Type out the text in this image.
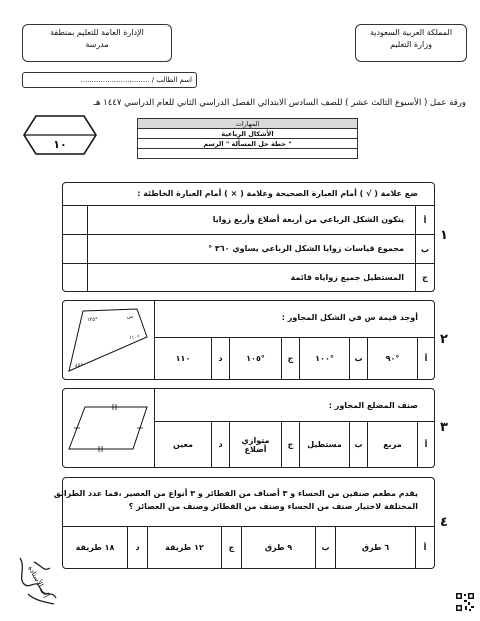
المملكة العربية السعودية
وزارة التعليم
الإدارة العامة للتعليم بمنطقة
مدرسة
اسم الطالب / ...............................
ورقة عمل ( الأسبوع الثالث عشر ) للصف السادس الابتدائي الفصل الدراسي الثاني للعام الدراسي ١٤٤٧ هـ
١٠
المهارات
الأشكال الرباعية
خطة حل المسألة " الرسم "

ضع علامة ( √ ) أمام العبارة الصحيحة وعلامة ( × ) أمام العبارة الخاطئة :
يتكون الشكل الرباعي من أربعة أضلاع وأربع زوايا	أ
مجموع قياسات زوايا الشكل الرباعي يساوي ٣٦٠ °	ب
المستطيل جميع زواياه قائمة	ج
١
١٢٥°	س
١١٠°
٤٥°
أوجد قيمة س في الشكل المجاور :
أ
٩٠°
ب
١٠٠°
ج
١٠٥°
د
١١٠
٢
صنف المضلع المجاور :
أ
مربع
ب
مستطيل
ج
متوازي أضلاع
د
معين
٣
يقدم مطعم صنفين من الحساء و ٣ أصناف من الفطائر و ٣ أنواع من العصير ،فما عدد الطرائق
المختلفة لاختيار صنف من الحساء وصنف من الفطائر وصنف من العصائر ؟
أ
٦ طرق
ب
٩ طرق
ج
١٢ طريقة
د
١٨ طريقة
٤
إلى الأستاذة
